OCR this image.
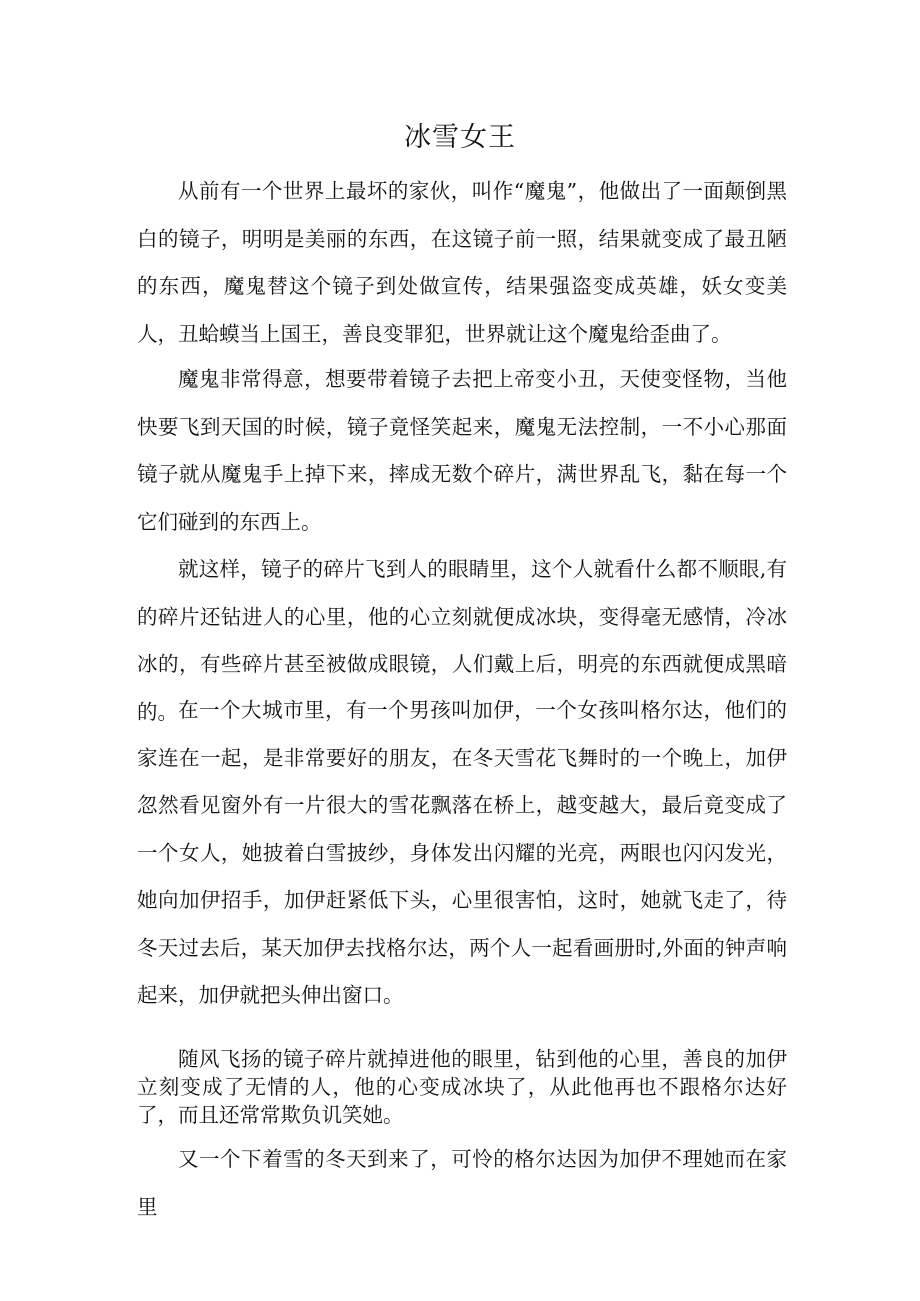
冰雪女王

从前有一个世界上最坏的家伙，叫作“魔鬼”，他做出了一面颠倒黑白的镜子，明明是美丽的东西，在这镜子前一照，结果就变成了最丑陋的东西，魔鬼替这个镜子到处做宣传，结果强盗变成英雄，妖女变美人，丑蛤蟆当上国王，善良变罪犯，世界就让这个魔鬼给歪曲了。

魔鬼非常得意，想要带着镜子去把上帝变小丑，天使变怪物，当他快要飞到天国的时候，镜子竟怪笑起来，魔鬼无法控制，一不小心那面镜子就从魔鬼手上掉下来，摔成无数个碎片，满世界乱飞，黏在每一个它们碰到的东西上。

就这样，镜子的碎片飞到人的眼睛里，这个人就看什么都不顺眼,有的碎片还钻进人的心里，他的心立刻就便成冰块，变得毫无感情，冷冰冰的，有些碎片甚至被做成眼镜，人们戴上后，明亮的东西就便成黑暗的。 在一个大城市里，有一个男孩叫加伊，一个女孩叫格尔达，他们的家连在一起，是非常要好的朋友，在冬天雪花飞舞时的一个晚上，加伊忽然看见窗外有一片很大的雪花飘落在桥上，越变越大，最后竟变成了一个女人，她披着白雪披纱，身体发出闪耀的光亮，两眼也闪闪发光，她向加伊招手，加伊赶紧低下头，心里很害怕，这时，她就飞走了，待冬天过去后，某天加伊去找格尔达，两个人一起看画册时,外面的钟声响起来，加伊就把头伸出窗口。

随风飞扬的镜子碎片就掉进他的眼里，钻到他的心里，善良的加伊立刻变成了无情的人，他的心变成冰块了，从此他再也不跟格尔达好了，而且还常常欺负讥笑她。

又一个下着雪的冬天到来了，可怜的格尔达因为加伊不理她而在家里
